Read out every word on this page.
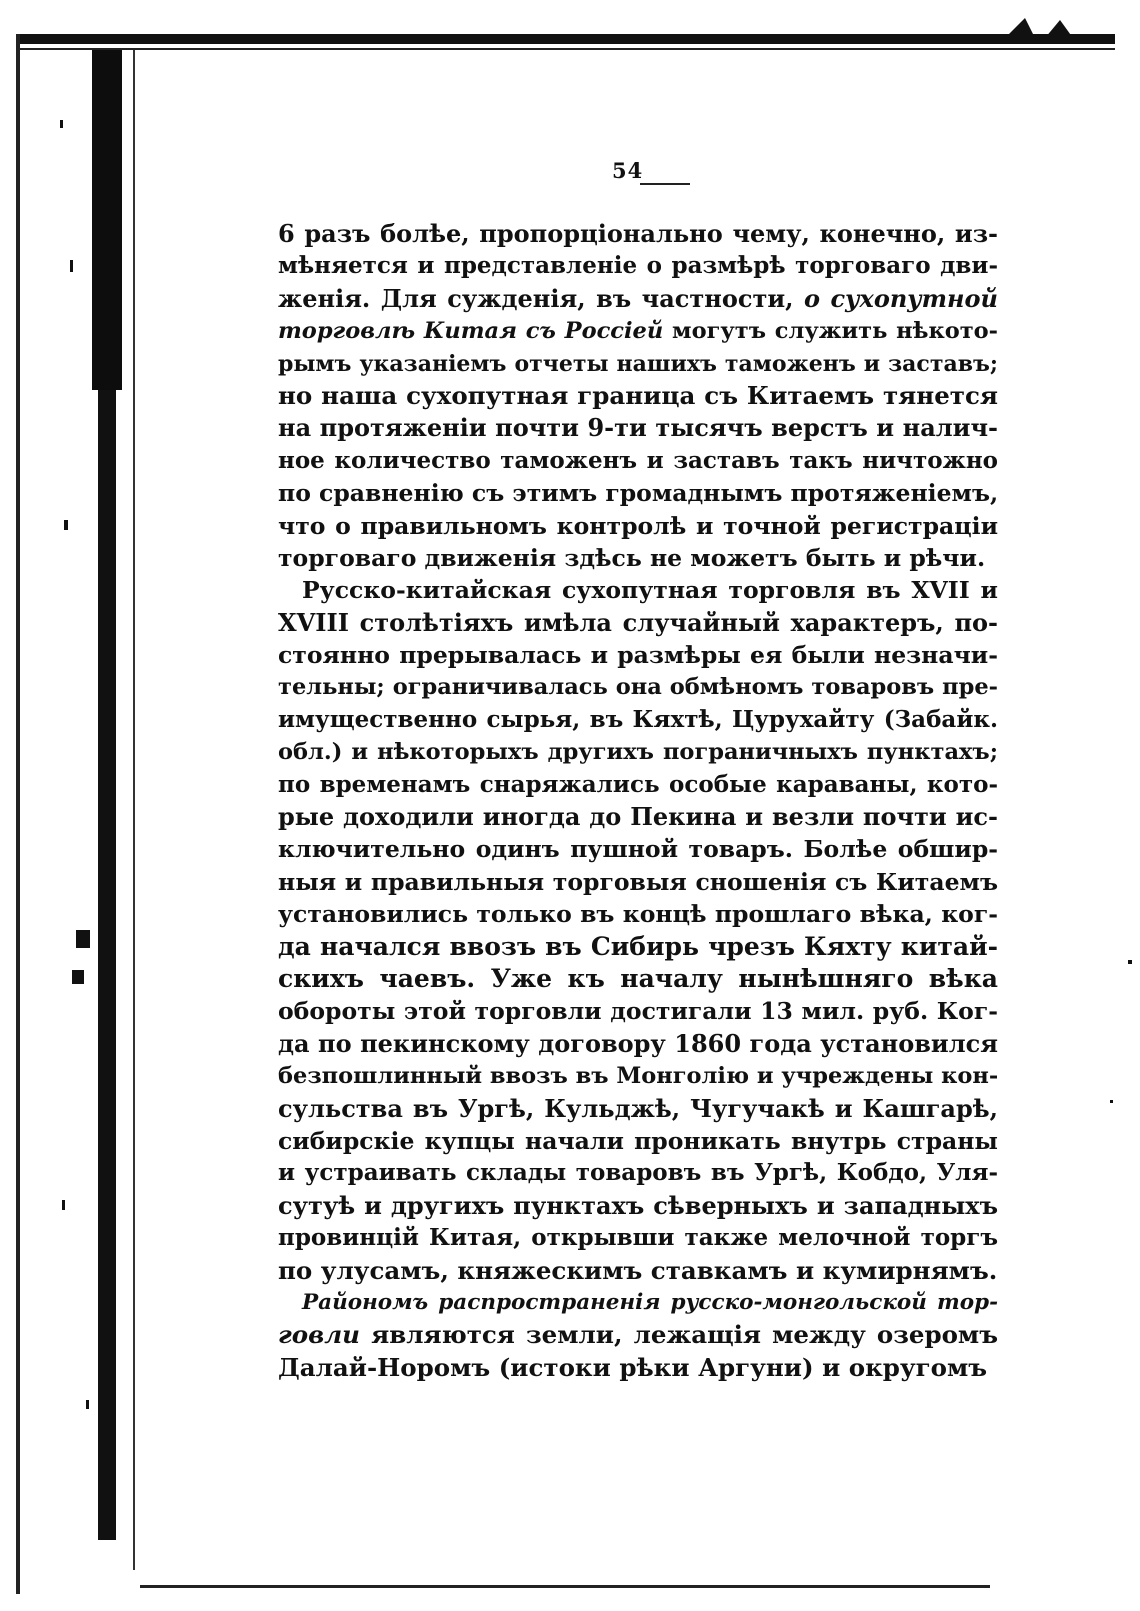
54

6 разъ болѣе, пропорціонально чему, конечно, из-
мѣняется и представленіе о размѣрѣ торговаго дви-
женія. Для сужденія, въ частности, о сухопутной
торговлѣ Китая съ Россіей могутъ служить нѣкото-
рымъ указаніемъ отчеты нашихъ таможенъ и заставъ;
но наша сухопутная граница съ Китаемъ тянется
на протяженіи почти 9-ти тысячъ верстъ и налич-
ное количество таможенъ и заставъ такъ ничтожно
по сравненію съ этимъ громаднымъ протяженіемъ,
что о правильномъ контролѣ и точной регистраціи
торговаго движенія здѣсь не можетъ быть и рѣчи.

Русско-китайская сухопутная торговля въ XVII и
XVIII столѣтіяхъ имѣла случайный характеръ, по-
стоянно прерывалась и размѣры ея были незначи-
тельны; ограничивалась она обмѣномъ товаровъ пре-
имущественно сырья, въ Кяхтѣ, Цурухайту (Забайк.
обл.) и нѣкоторыхъ другихъ пограничныхъ пунктахъ;
по временамъ снаряжались особые караваны, кото-
рые доходили иногда до Пекина и везли почти ис-
ключительно одинъ пушной товаръ. Болѣе обшир-
ныя и правильныя торговыя сношенія съ Китаемъ
установились только въ концѣ прошлаго вѣка, ког-
да начался ввозъ въ Сибирь чрезъ Кяхту китай-
скихъ чаевъ. Уже къ началу нынѣшняго вѣка
обороты этой торговли достигали 13 мил. руб. Ког-
да по пекинскому договору 1860 года установился
безпошлинный ввозъ въ Монголію и учреждены кон-
сульства въ Ургѣ, Кульджѣ, Чугучакѣ и Кашгарѣ,
сибирскіе купцы начали проникать внутрь страны
и устраивать склады товаровъ въ Ургѣ, Кобдо, Уля-
сутуѣ и другихъ пунктахъ сѣверныхъ и западныхъ
провинцій Китая, открывши также мелочной торгъ
по улусамъ, княжескимъ ставкамъ и кумирнямъ.

Райономъ распространенія русско-монгольской тор-
говли являются земли, лежащія между озеромъ
Далай-Норомъ (истоки рѣки Аргуни) и округомъ
